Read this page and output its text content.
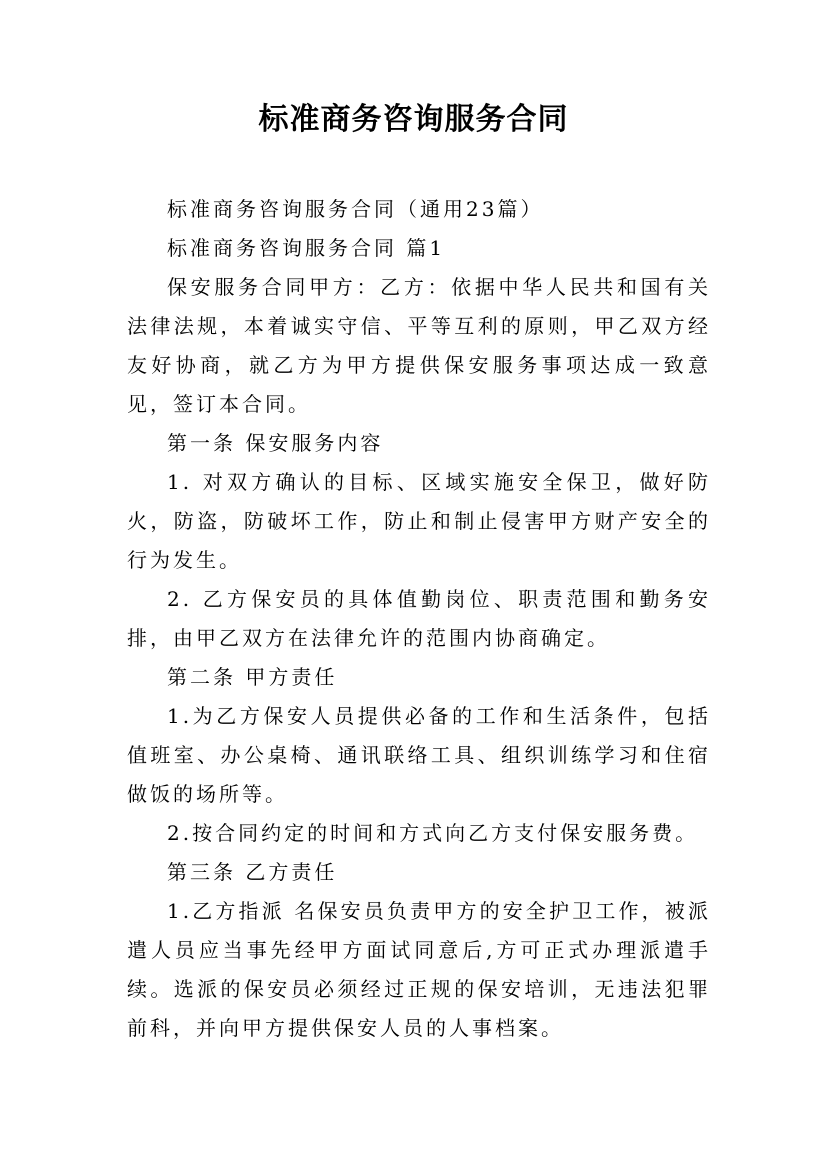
标准商务咨询服务合同

标准商务咨询服务合同（通用23篇）

标准商务咨询服务合同 篇1

保安服务合同甲方：乙方：依据中华人民共和国有关法律法规，本着诚实守信、平等互利的原则，甲乙双方经友好协商，就乙方为甲方提供保安服务事项达成一致意见，签订本合同。

第一条 保安服务内容

1. 对双方确认的目标、区域实施安全保卫，做好防火，防盗，防破坏工作，防止和制止侵害甲方财产安全的行为发生。

2. 乙方保安员的具体值勤岗位、职责范围和勤务安排，由甲乙双方在法律允许的范围内协商确定。

第二条 甲方责任

1.为乙方保安人员提供必备的工作和生活条件，包括值班室、办公桌椅、通讯联络工具、组织训练学习和住宿做饭的场所等。

2.按合同约定的时间和方式向乙方支付保安服务费。

第三条 乙方责任

1.乙方指派 名保安员负责甲方的安全护卫工作，被派遣人员应当事先经甲方面试同意后,方可正式办理派遣手续。选派的保安员必须经过正规的保安培训，无违法犯罪前科，并向甲方提供保安人员的人事档案。
